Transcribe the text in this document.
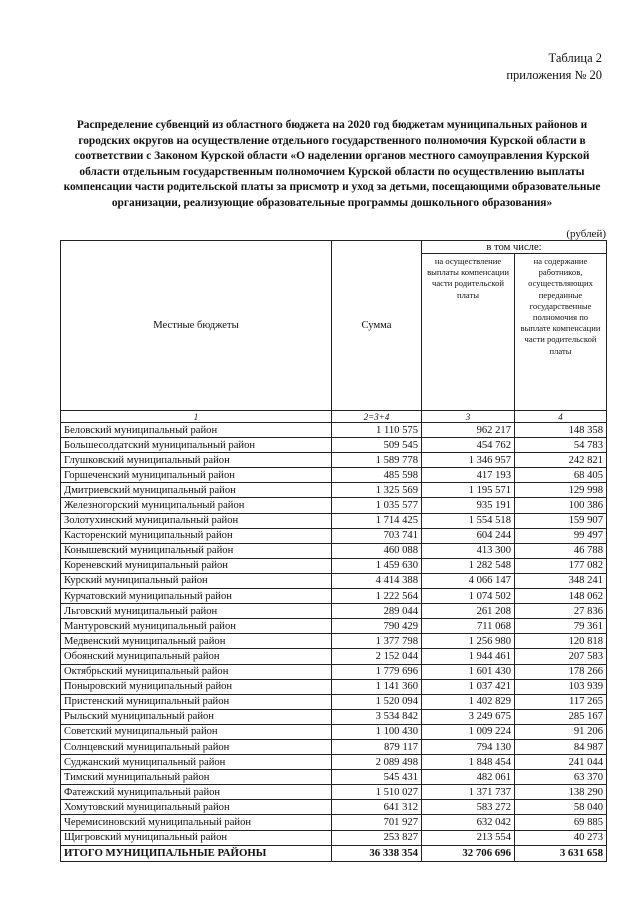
Таблица 2
приложения № 20
Распределение субвенций из областного бюджета на 2020 год бюджетам муниципальных районов и городских округов на осуществление отдельного государственного полномочия Курской области в соответствии с Законом Курской области «О наделении органов местного самоуправления Курской области отдельным государственным полномочием Курской области по осуществлению выплаты компенсации части родительской платы за присмотр и уход за детьми, посещающими образовательные организации, реализующие образовательные программы дошкольного образования»
(рублей)
Местные бюджеты	Сумма	в том числе:	
		на осуществление выплаты компенсации части родительской платы	на содержание работников, осуществляющих переданные государственные полномочия по выплате компенсации части родительской платы
1	2=3+4	3	4
Беловский муниципальный район	1 110 575	962 217	148 358
Большесолдатский муниципальный район	509 545	454 762	54 783
Глушковский муниципальный район	1 589 778	1 346 957	242 821
Горшеченский муниципальный район	485 598	417 193	68 405
Дмитриевский муниципальный район	1 325 569	1 195 571	129 998
Железногорский муниципальный район	1 035 577	935 191	100 386
Золотухинский муниципальный район	1 714 425	1 554 518	159 907
Касторенский муниципальный район	703 741	604 244	99 497
Конышевский муниципальный район	460 088	413 300	46 788
Кореневский муниципальный район	1 459 630	1 282 548	177 082
Курский муниципальный район	4 414 388	4 066 147	348 241
Курчатовский муниципальный район	1 222 564	1 074 502	148 062
Льговский муниципальный район	289 044	261 208	27 836
Мантуровский муниципальный район	790 429	711 068	79 361
Медвенский муниципальный район	1 377 798	1 256 980	120 818
Обоянский муниципальный район	2 152 044	1 944 461	207 583
Октябрьский муниципальный район	1 779 696	1 601 430	178 266
Поныровский муниципальный район	1 141 360	1 037 421	103 939
Пристенский муниципальный район	1 520 094	1 402 829	117 265
Рыльский муниципальный район	3 534 842	3 249 675	285 167
Советский муниципальный район	1 100 430	1 009 224	91 206
Солнцевский муниципальный район	879 117	794 130	84 987
Суджанский муниципальный район	2 089 498	1 848 454	241 044
Тимский муниципальный район	545 431	482 061	63 370
Фатежский муниципальный район	1 510 027	1 371 737	138 290
Хомутовский муниципальный район	641 312	583 272	58 040
Черемисиновский муниципальный район	701 927	632 042	69 885
Щигровский муниципальный район	253 827	213 554	40 273
ИТОГО МУНИЦИПАЛЬНЫЕ РАЙОНЫ	36 338 354	32 706 696	3 631 658
